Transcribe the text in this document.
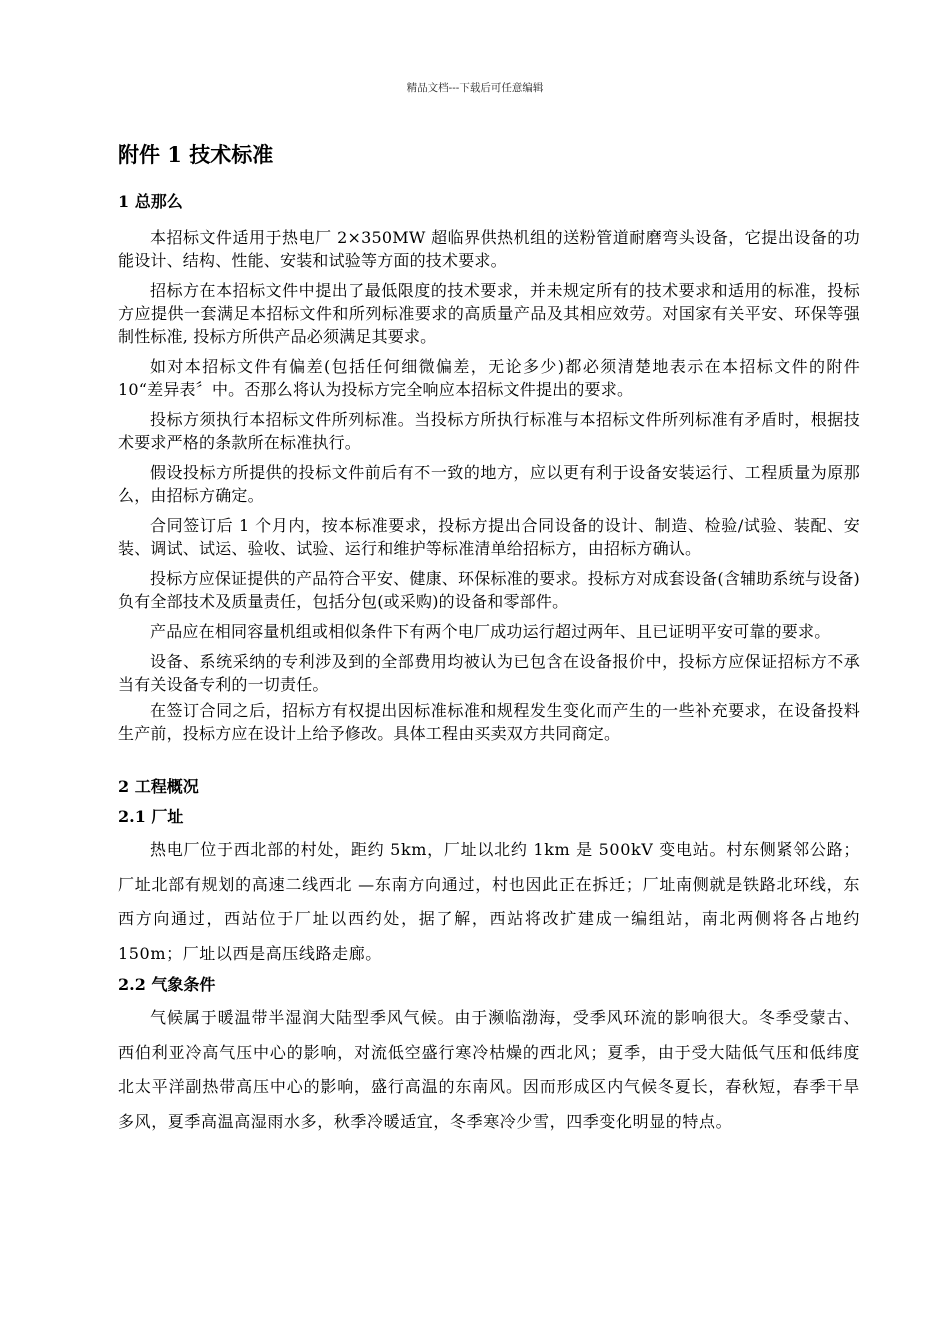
精品文档---下载后可任意编辑
附件 1 技术标准
1 总那么

本招标文件适用于热电厂 2×350MW 超临界供热机组的送粉管道耐磨弯头设备，它提出设备的功能设计、结构、性能、安装和试验等方面的技术要求。

招标方在本招标文件中提出了最低限度的技术要求，并未规定所有的技术要求和适用的标准，投标方应提供一套满足本招标文件和所列标准要求的高质量产品及其相应效劳。对国家有关平安、环保等强制性标准, 投标方所供产品必须满足其要求。

如对本招标文件有偏差(包括任何细微偏差，无论多少)都必须清楚地表示在本招标文件的附件 10“差异表〞中。否那么将认为投标方完全响应本招标文件提出的要求。

投标方须执行本招标文件所列标准。当投标方所执行标准与本招标文件所列标准有矛盾时，根据技术要求严格的条款所在标准执行。

假设投标方所提供的投标文件前后有不一致的地方，应以更有利于设备安装运行、工程质量为原那么，由招标方确定。

合同签订后 1 个月内，按本标准要求，投标方提出合同设备的设计、制造、检验/试验、装配、安装、调试、试运、验收、试验、运行和维护等标准清单给招标方，由招标方确认。

投标方应保证提供的产品符合平安、健康、环保标准的要求。投标方对成套设备(含辅助系统与设备)负有全部技术及质量责任，包括分包(或采购)的设备和零部件。

产品应在相同容量机组或相似条件下有两个电厂成功运行超过两年、且已证明平安可靠的要求。

设备、系统采纳的专利涉及到的全部费用均被认为已包含在设备报价中，投标方应保证招标方不承当有关设备专利的一切责任。

在签订合同之后，招标方有权提出因标准标准和规程发生变化而产生的一些补充要求，在设备投料生产前，投标方应在设计上给予修改。具体工程由买卖双方共同商定。

2 工程概况
2.1 厂址

热电厂位于西北部的村处，距约 5km，厂址以北约 1km 是 500kV 变电站。村东侧紧邻公路；厂址北部有规划的高速二线西北 —东南方向通过，村也因此正在拆迁；厂址南侧就是铁路北环线，东西方向通过，西站位于厂址以西约处，据了解，西站将改扩建成一编组站，南北两侧将各占地约 150m；厂址以西是高压线路走廊。

2.2 气象条件

气候属于暖温带半湿润大陆型季风气候。由于濒临渤海，受季风环流的影响很大。冬季受蒙古、西伯利亚冷高气压中心的影响，对流低空盛行寒冷枯燥的西北风；夏季，由于受大陆低气压和低纬度北太平洋副热带高压中心的影响，盛行高温的东南风。因而形成区内气候冬夏长，春秋短，春季干旱多风，夏季高温高湿雨水多，秋季冷暖适宜，冬季寒冷少雪，四季变化明显的特点。
